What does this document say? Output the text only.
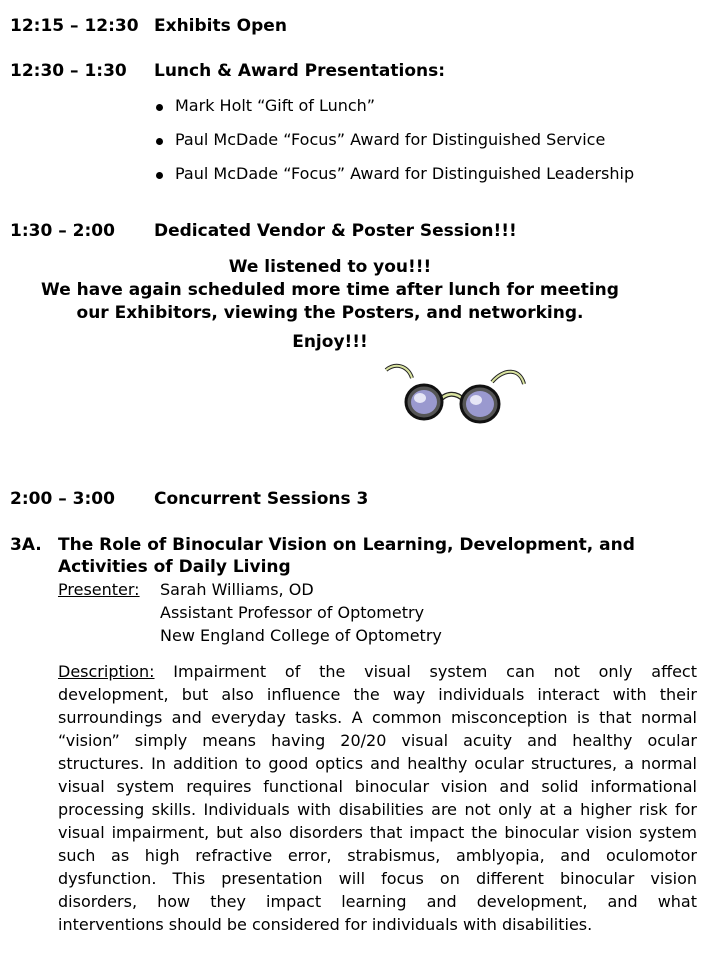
12:15 – 12:30 Exhibits Open
12:30 – 1:30 Lunch & Award Presentations:
Mark Holt “Gift of Lunch”
Paul McDade “Focus” Award for Distinguished Service
Paul McDade “Focus” Award for Distinguished Leadership
1:30 – 2:00 Dedicated Vendor & Poster Session!!!
We listened to you!!!
We have again scheduled more time after lunch for meeting
our Exhibitors, viewing the Posters, and networking.
Enjoy!!!
2:00 – 3:00 Concurrent Sessions 3
3A. The Role of Binocular Vision on Learning, Development, and
Activities of Daily Living
Presenter: Sarah Williams, OD
Assistant Professor of Optometry
New England College of Optometry
Description: Impairment of the visual system can not only affect
development, but also influence the way individuals interact with their
surroundings and everyday tasks. A common misconception is that normal
“vision” simply means having 20/20 visual acuity and healthy ocular
structures. In addition to good optics and healthy ocular structures, a normal
visual system requires functional binocular vision and solid informational
processing skills. Individuals with disabilities are not only at a higher risk for
visual impairment, but also disorders that impact the binocular vision system
such as high refractive error, strabismus, amblyopia, and oculomotor
dysfunction. This presentation will focus on different binocular vision
disorders, how they impact learning and development, and what
interventions should be considered for individuals with disabilities.
